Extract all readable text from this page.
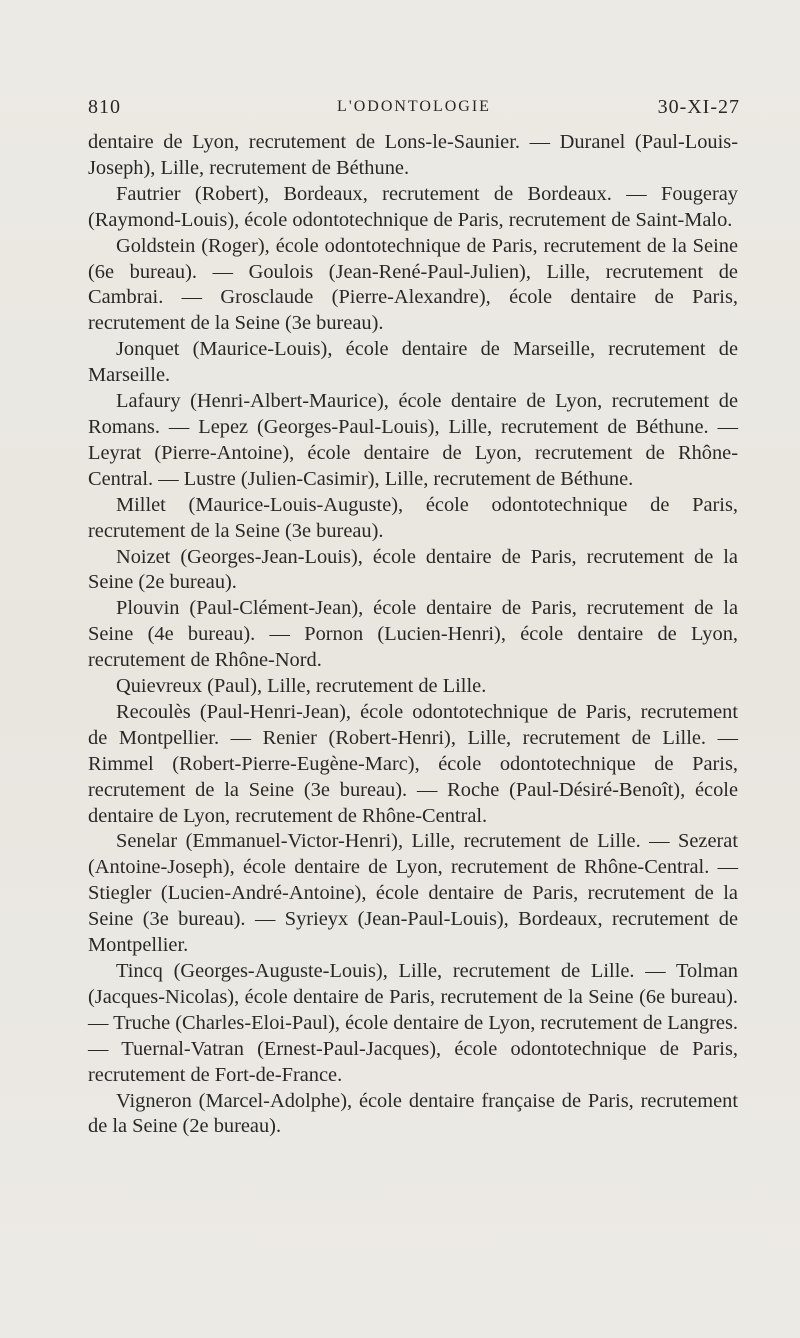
810	L'ODONTOLOGIE	30-XI-27

dentaire de Lyon, recrutement de Lons-le-Saunier. — Duranel (Paul-Louis-Joseph), Lille, recrutement de Béthune.

Fautrier (Robert), Bordeaux, recrutement de Bordeaux. — Fougeray (Raymond-Louis), école odontotechnique de Paris, recrutement de Saint-Malo.

Goldstein (Roger), école odontotechnique de Paris, recrutement de la Seine (6e bureau). — Goulois (Jean-René-Paul-Julien), Lille, recrutement de Cambrai. — Grosclaude (Pierre-Alexandre), école dentaire de Paris, recrutement de la Seine (3e bureau).

Jonquet (Maurice-Louis), école dentaire de Marseille, recrutement de Marseille.

Lafaury (Henri-Albert-Maurice), école dentaire de Lyon, recrutement de Romans. — Lepez (Georges-Paul-Louis), Lille, recrutement de Béthune. — Leyrat (Pierre-Antoine), école dentaire de Lyon, recrutement de Rhône-Central. — Lustre (Julien-Casimir), Lille, recrutement de Béthune.

Millet (Maurice-Louis-Auguste), école odontotechnique de Paris, recrutement de la Seine (3e bureau).

Noizet (Georges-Jean-Louis), école dentaire de Paris, recrutement de la Seine (2e bureau).

Plouvin (Paul-Clément-Jean), école dentaire de Paris, recrutement de la Seine (4e bureau). — Pornon (Lucien-Henri), école dentaire de Lyon, recrutement de Rhône-Nord.

Quievreux (Paul), Lille, recrutement de Lille.

Recoulès (Paul-Henri-Jean), école odontotechnique de Paris, recrutement de Montpellier. — Renier (Robert-Henri), Lille, recrutement de Lille. — Rimmel (Robert-Pierre-Eugène-Marc), école odontotechnique de Paris, recrutement de la Seine (3e bureau). — Roche (Paul-Désiré-Benoît), école dentaire de Lyon, recrutement de Rhône-Central.

Senelar (Emmanuel-Victor-Henri), Lille, recrutement de Lille. — Sezerat (Antoine-Joseph), école dentaire de Lyon, recrutement de Rhône-Central. — Stiegler (Lucien-André-Antoine), école dentaire de Paris, recrutement de la Seine (3e bureau). — Syrieyx (Jean-Paul-Louis), Bordeaux, recrutement de Montpellier.

Tincq (Georges-Auguste-Louis), Lille, recrutement de Lille. — Tolman (Jacques-Nicolas), école dentaire de Paris, recrutement de la Seine (6e bureau). — Truche (Charles-Eloi-Paul), école dentaire de Lyon, recrutement de Langres. — Tuernal-Vatran (Ernest-Paul-Jacques), école odontotechnique de Paris, recrutement de Fort-de-France.

Vigneron (Marcel-Adolphe), école dentaire française de Paris, recrutement de la Seine (2e bureau).
